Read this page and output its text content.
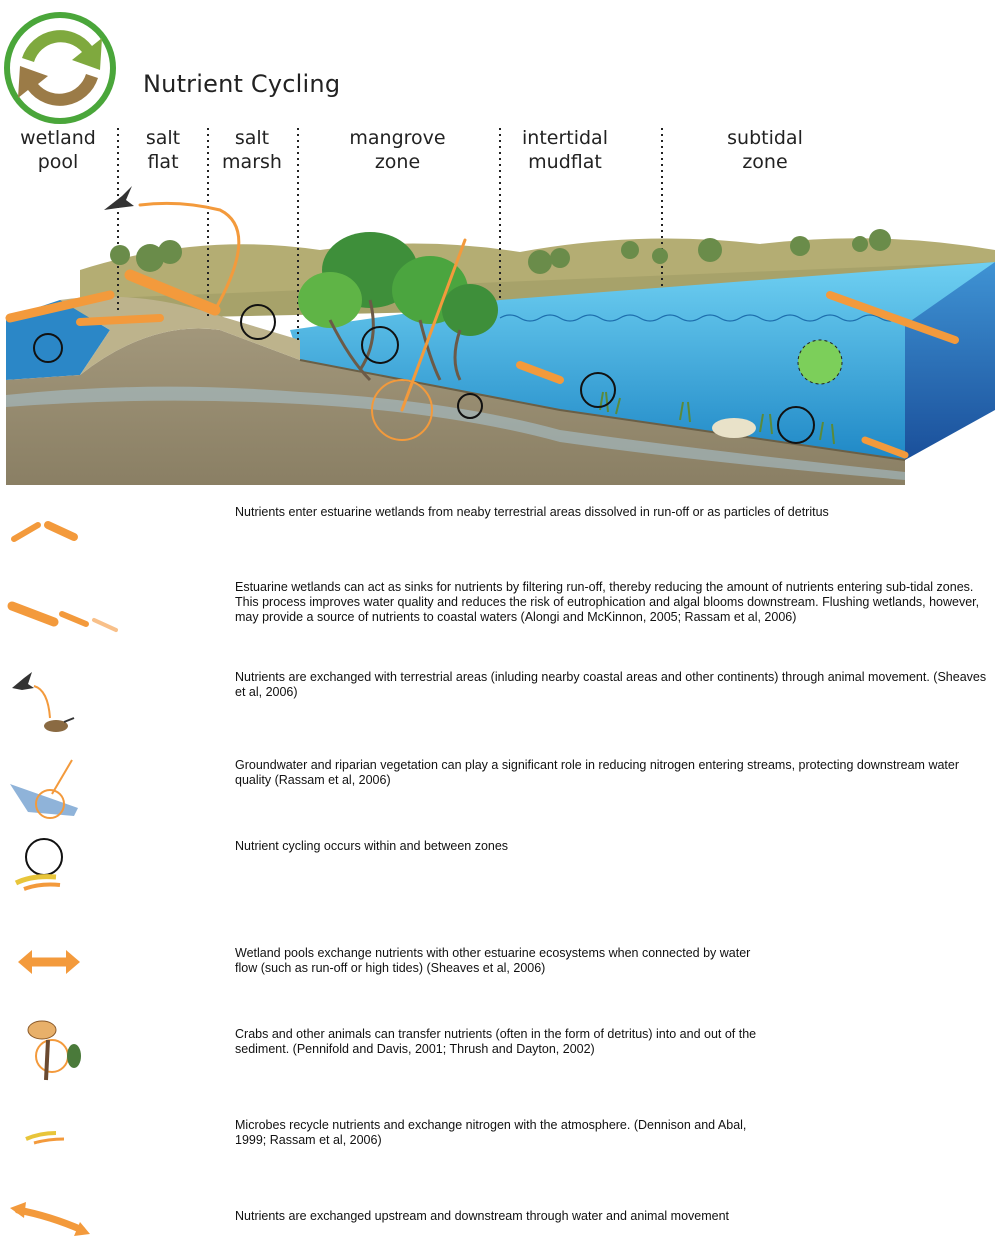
Nutrient Cycling
wetland
pool
salt
flat
salt
marsh
mangrove
zone
intertidal
mudflat
subtidal
zone
Nutrients enter estuarine wetlands from neaby terrestrial areas dissolved in run-off or as particles of detritus
Estuarine wetlands can act as sinks for nutrients by filtering run-off, thereby reducing the amount of nutrients entering sub-tidal zones. This process improves water quality and reduces the risk of eutrophication and algal blooms downstream. Flushing wetlands, however, may provide a source of nutrients to coastal waters (Alongi and McKinnon, 2005; Rassam et al, 2006)
Nutrients are exchanged with terrestrial areas (inluding nearby coastal areas and other continents) through animal movement. (Sheaves et al, 2006)
Groundwater and riparian vegetation can play a significant role in reducing nitrogen entering streams, protecting downstream water quality (Rassam et al, 2006)
Nutrient cycling occurs within and between zones
Wetland pools exchange nutrients with other estuarine ecosystems when connected by water flow (such as run-off or high tides) (Sheaves et al, 2006)
Crabs and other animals can transfer nutrients (often in the form of detritus) into and out of the sediment. (Pennifold and Davis, 2001; Thrush and Dayton, 2002)
Microbes recycle nutrients and exchange nitrogen with the atmosphere. (Dennison and Abal, 1999; Rassam et al, 2006)
Nutrients are exchanged upstream and downstream through water and animal movement
